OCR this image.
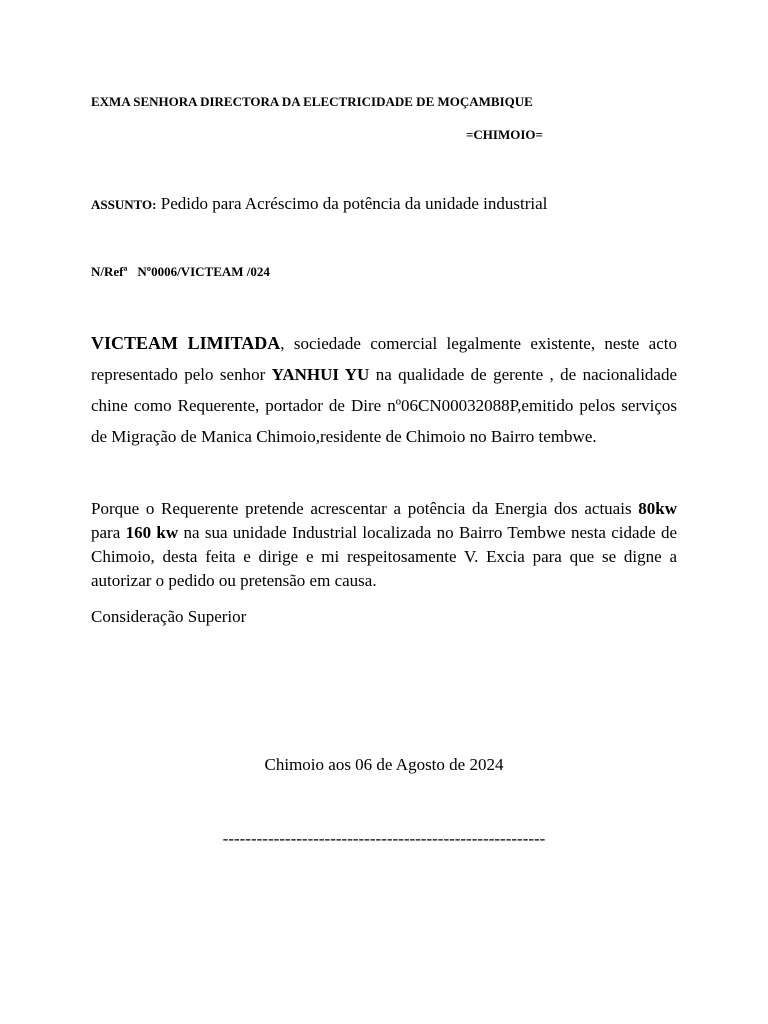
EXMA SENHORA DIRECTORA DA ELECTRICIDADE DE MOÇAMBIQUE
=CHIMOIO=
ASSUNTO: Pedido para Acréscimo da potência da unidade industrial
N/Refª Nº0006/VICTEAM /024

VICTEAM LIMITADA, sociedade comercial legalmente existente, neste acto representado pelo senhor YANHUI YU na qualidade de gerente , de nacionalidade chine como Requerente, portador de Dire nº06CN00032088P,emitido pelos serviços de Migração de Manica Chimoio,residente de Chimoio no Bairro tembwe.

Porque o Requerente pretende acrescentar a potência da Energia dos actuais 80kw para 160 kw na sua unidade Industrial localizada no Bairro Tembwe nesta cidade de Chimoio, desta feita e dirige e mi respeitosamente V. Excia para que se digne a autorizar o pedido ou pretensão em causa.

Consideração Superior
Chimoio aos 06 de Agosto de 2024
---------------------------------------------------------
